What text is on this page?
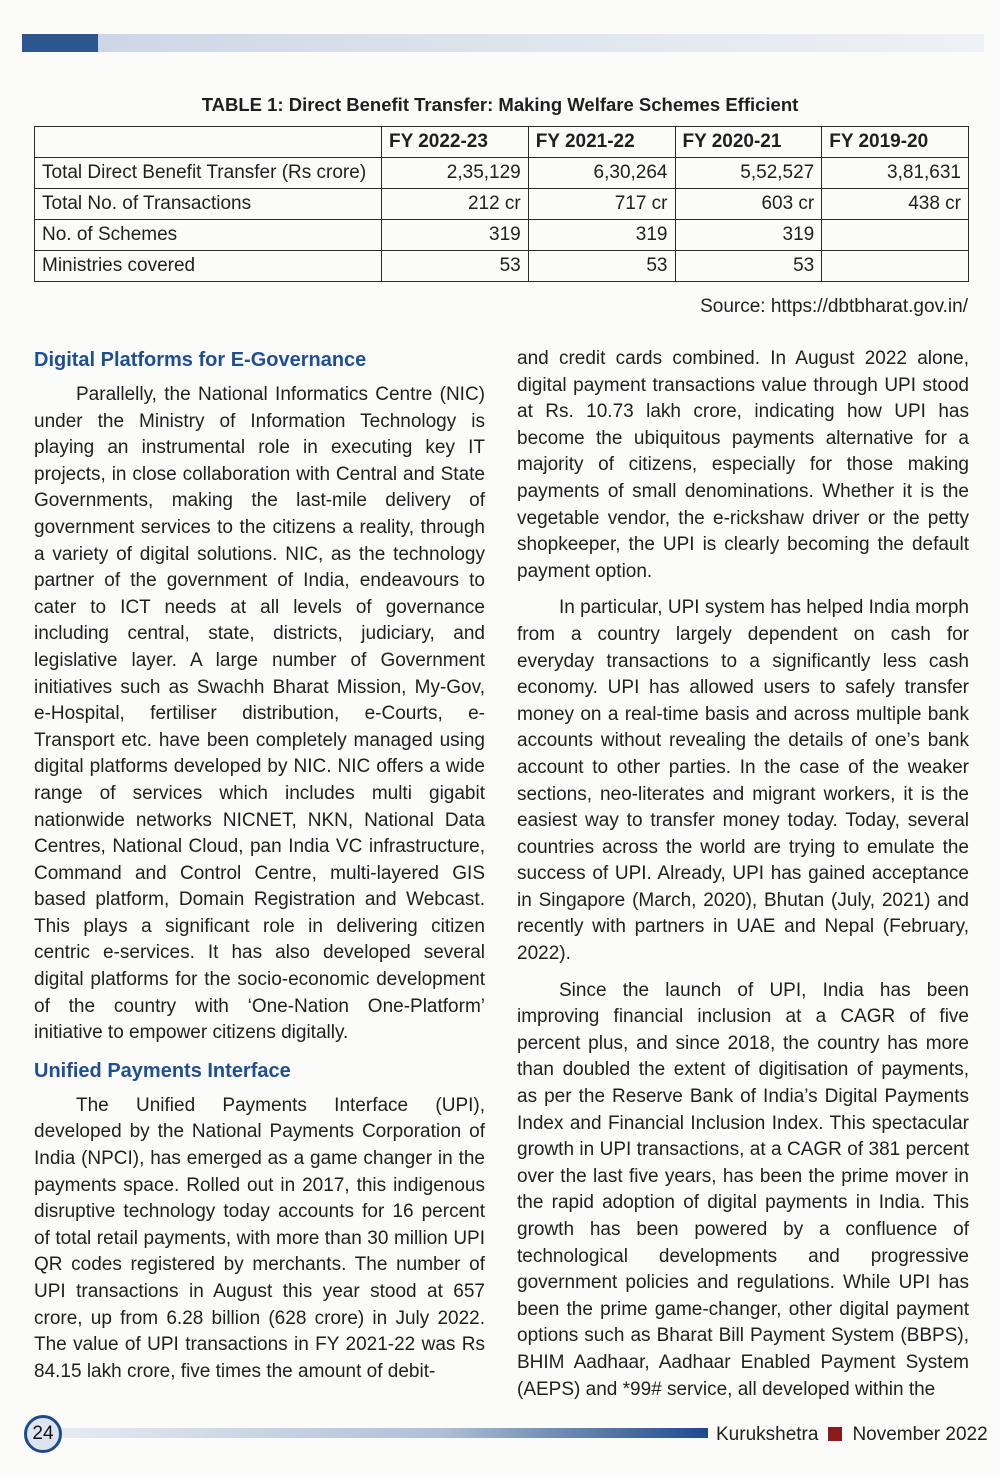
TABLE 1: Direct Benefit Transfer: Making Welfare Schemes Efficient
	FY 2022-23	FY 2021-22	FY 2020-21	FY 2019-20
Total Direct Benefit Transfer (Rs crore)	2,35,129	6,30,264	5,52,527	3,81,631
Total No. of Transactions	212 cr	717 cr	603 cr	438 cr
No. of Schemes	319	319	319	
Ministries covered	53	53	53	
Source: https://dbtbharat.gov.in/
Digital Platforms for E-Governance

Parallelly, the National Informatics Centre (NIC) under the Ministry of Information Technology is playing an instrumental role in executing key IT projects, in close collaboration with Central and State Governments, making the last-mile delivery of government services to the citizens a reality, through a variety of digital solutions. NIC, as the technology partner of the government of India, endeavours to cater to ICT needs at all levels of governance including central, state, districts, judiciary, and legislative layer. A large number of Government initiatives such as Swachh Bharat Mission, My-Gov, e-Hospital, fertiliser distribution, e-Courts, e-Transport etc. have been completely managed using digital platforms developed by NIC. NIC offers a wide range of services which includes multi gigabit nationwide networks NICNET, NKN, National Data Centres, National Cloud, pan India VC infrastructure, Command and Control Centre, multi-layered GIS based platform, Domain Registration and Webcast. This plays a significant role in delivering citizen centric e-services. It has also developed several digital platforms for the socio-economic development of the country with ‘One-Nation One-Platform’ initiative to empower citizens digitally.

Unified Payments Interface

The Unified Payments Interface (UPI), developed by the National Payments Corporation of India (NPCI), has emerged as a game changer in the payments space. Rolled out in 2017, this indigenous disruptive technology today accounts for 16 percent of total retail payments, with more than 30 million UPI QR codes registered by merchants. The number of UPI transactions in August this year stood at 657 crore, up from 6.28 billion (628 crore) in July 2022. The value of UPI transactions in FY 2021-22 was Rs 84.15 lakh crore, five times the amount of debit-

and credit cards combined. In August 2022 alone, digital payment transactions value through UPI stood at Rs. 10.73 lakh crore, indicating how UPI has become the ubiquitous payments alternative for a majority of citizens, especially for those making payments of small denominations. Whether it is the vegetable vendor, the e-rickshaw driver or the petty shopkeeper, the UPI is clearly becoming the default payment option.

In particular, UPI system has helped India morph from a country largely dependent on cash for everyday transactions to a significantly less cash economy. UPI has allowed users to safely transfer money on a real-time basis and across multiple bank accounts without revealing the details of one’s bank account to other parties. In the case of the weaker sections, neo-literates and migrant workers, it is the easiest way to transfer money today. Today, several countries across the world are trying to emulate the success of UPI. Already, UPI has gained acceptance in Singapore (March, 2020), Bhutan (July, 2021) and recently with partners in UAE and Nepal (February, 2022).

Since the launch of UPI, India has been improving financial inclusion at a CAGR of five percent plus, and since 2018, the country has more than doubled the extent of digitisation of payments, as per the Reserve Bank of India’s Digital Payments Index and Financial Inclusion Index. This spectacular growth in UPI transactions, at a CAGR of 381 percent over the last five years, has been the prime mover in the rapid adoption of digital payments in India. This growth has been powered by a confluence of technological developments and progressive government policies and regulations. While UPI has been the prime game-changer, other digital payment options such as Bharat Bill Payment System (BBPS), BHIM Aadhaar, Aadhaar Enabled Payment System (AEPS) and *99# service, all developed within the

24	Kurukshetra November 2022
